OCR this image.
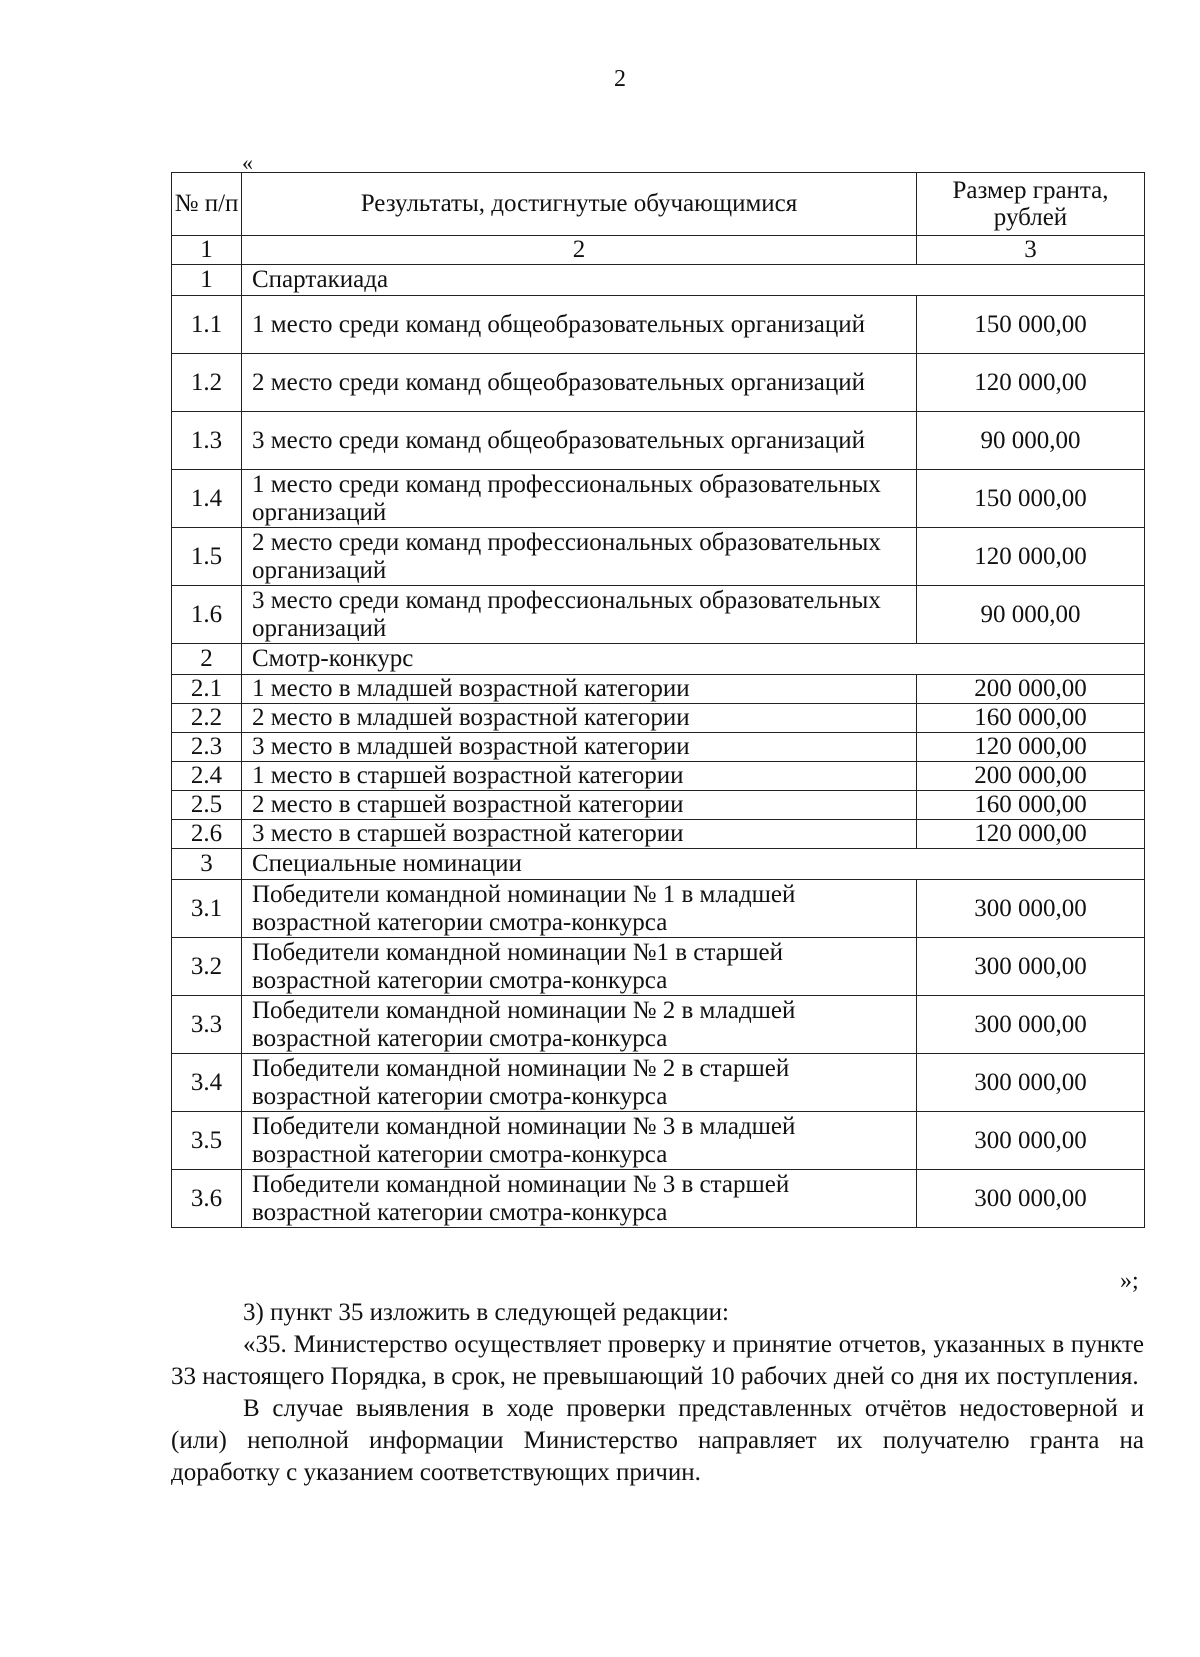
2
«
№ п/п	Результаты, достигнутые обучающимися	Размер гранта, рублей
1	2	3
1	Спартакиада	
1.1	1 место среди команд общеобразовательных организаций	150 000,00
1.2	2 место среди команд общеобразовательных организаций	120 000,00
1.3	3 место среди команд общеобразовательных организаций	90 000,00
1.4	1 место среди команд профессиональных образовательных организаций	150 000,00
1.5	2 место среди команд профессиональных образовательных организаций	120 000,00
1.6	3 место среди команд профессиональных образовательных организаций	90 000,00
2	Смотр-конкурс	
2.1	1 место в младшей возрастной категории	200 000,00
2.2	2 место в младшей возрастной категории	160 000,00
2.3	3 место в младшей возрастной категории	120 000,00
2.4	1 место в старшей возрастной категории	200 000,00
2.5	2 место в старшей возрастной категории	160 000,00
2.6	3 место в старшей возрастной категории	120 000,00
3	Специальные номинации	
3.1	Победители командной номинации № 1 в младшей возрастной категории смотра-конкурса	300 000,00
3.2	Победители командной номинации №1 в старшей возрастной категории смотра-конкурса	300 000,00
3.3	Победители командной номинации № 2 в младшей возрастной категории смотра-конкурса	300 000,00
3.4	Победители командной номинации № 2 в старшей возрастной категории смотра-конкурса	300 000,00
3.5	Победители командной номинации № 3 в младшей возрастной категории смотра-конкурса	300 000,00
3.6	Победители командной номинации № 3 в старшей возрастной категории смотра-конкурса	300 000,00
»;

3) пункт 35 изложить в следующей редакции:

«35. Министерство осуществляет проверку и принятие отчетов, указанных в пункте 33 настоящего Порядка, в срок, не превышающий 10 рабочих дней со дня их поступления.

В случае выявления в ходе проверки представленных отчётов недостоверной и (или) неполной информации Министерство направляет их получателю гранта на доработку с указанием соответствующих причин.
